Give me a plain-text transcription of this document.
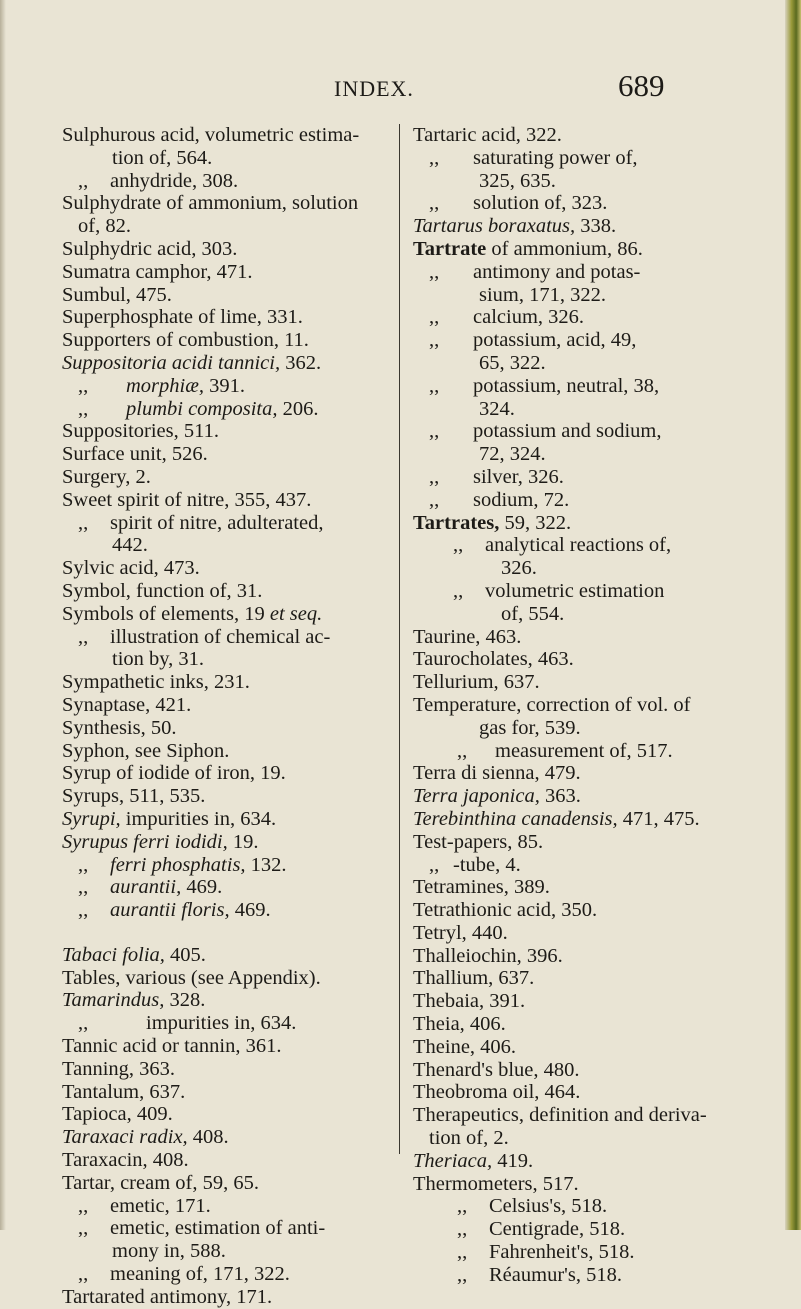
INDEX.	689
Sulphurous acid, volumetric estima-
tion of, 564.
,, anhydride, 308.
Sulphydrate of ammonium, solution
of, 82.
Sulphydric acid, 303.
Sumatra camphor, 471.
Sumbul, 475.
Superphosphate of lime, 331.
Supporters of combustion, 11.
Suppositoria acidi tannici, 362.
,, morphiæ, 391.
,, plumbi composita, 206.
Suppositories, 511.
Surface unit, 526.
Surgery, 2.
Sweet spirit of nitre, 355, 437.
,, spirit of nitre, adulterated,
442.
Sylvic acid, 473.
Symbol, function of, 31.
Symbols of elements, 19 et seq.
,, illustration of chemical ac-
tion by, 31.
Sympathetic inks, 231.
Synaptase, 421.
Synthesis, 50.
Syphon, see Siphon.
Syrup of iodide of iron, 19.
Syrups, 511, 535.
Syrupi, impurities in, 634.
Syrupus ferri iodidi, 19.
,, ferri phosphatis, 132.
,, aurantii, 469.
,, aurantii floris, 469.
Tabaci folia, 405.
Tables, various (see Appendix).
Tamarindus, 328.
,,	impurities in, 634.
Tannic acid or tannin, 361.
Tanning, 363.
Tantalum, 637.
Tapioca, 409.
Taraxaci radix, 408.
Taraxacin, 408.
Tartar, cream of, 59, 65.
,, emetic, 171.
,, emetic, estimation of anti-
mony in, 588.
,, meaning of, 171, 322.
Tartarated antimony, 171.
Tartaric acid, 322.
,, saturating power of,
325, 635.
,, solution of, 323.
Tartarus boraxatus, 338.
Tartrate of ammonium, 86.
,, antimony and potas-
sium, 171, 322.
,, calcium, 326.
,, potassium, acid, 49,
65, 322.
,, potassium, neutral, 38,
324.
,, potassium and sodium,
72, 324.
,, silver, 326.
,, sodium, 72.
Tartrates, 59, 322.
,, analytical reactions of,
326.
,, volumetric estimation
of, 554.
Taurine, 463.
Taurocholates, 463.
Tellurium, 637.
Temperature, correction of vol. of
gas for, 539.
,, measurement of, 517.
Terra di sienna, 479.
Terra japonica, 363.
Terebinthina canadensis, 471, 475.
Test-papers, 85.
,, -tube, 4.
Tetramines, 389.
Tetrathionic acid, 350.
Tetryl, 440.
Thalleiochin, 396.
Thallium, 637.
Thebaia, 391.
Theia, 406.
Theine, 406.
Thenard's blue, 480.
Theobroma oil, 464.
Therapeutics, definition and deriva-
tion of, 2.
Theriaca, 419.
Thermometers, 517.
,, Celsius's, 518.
,, Centigrade, 518.
,, Fahrenheit's, 518.
,, Réaumur's, 518.
